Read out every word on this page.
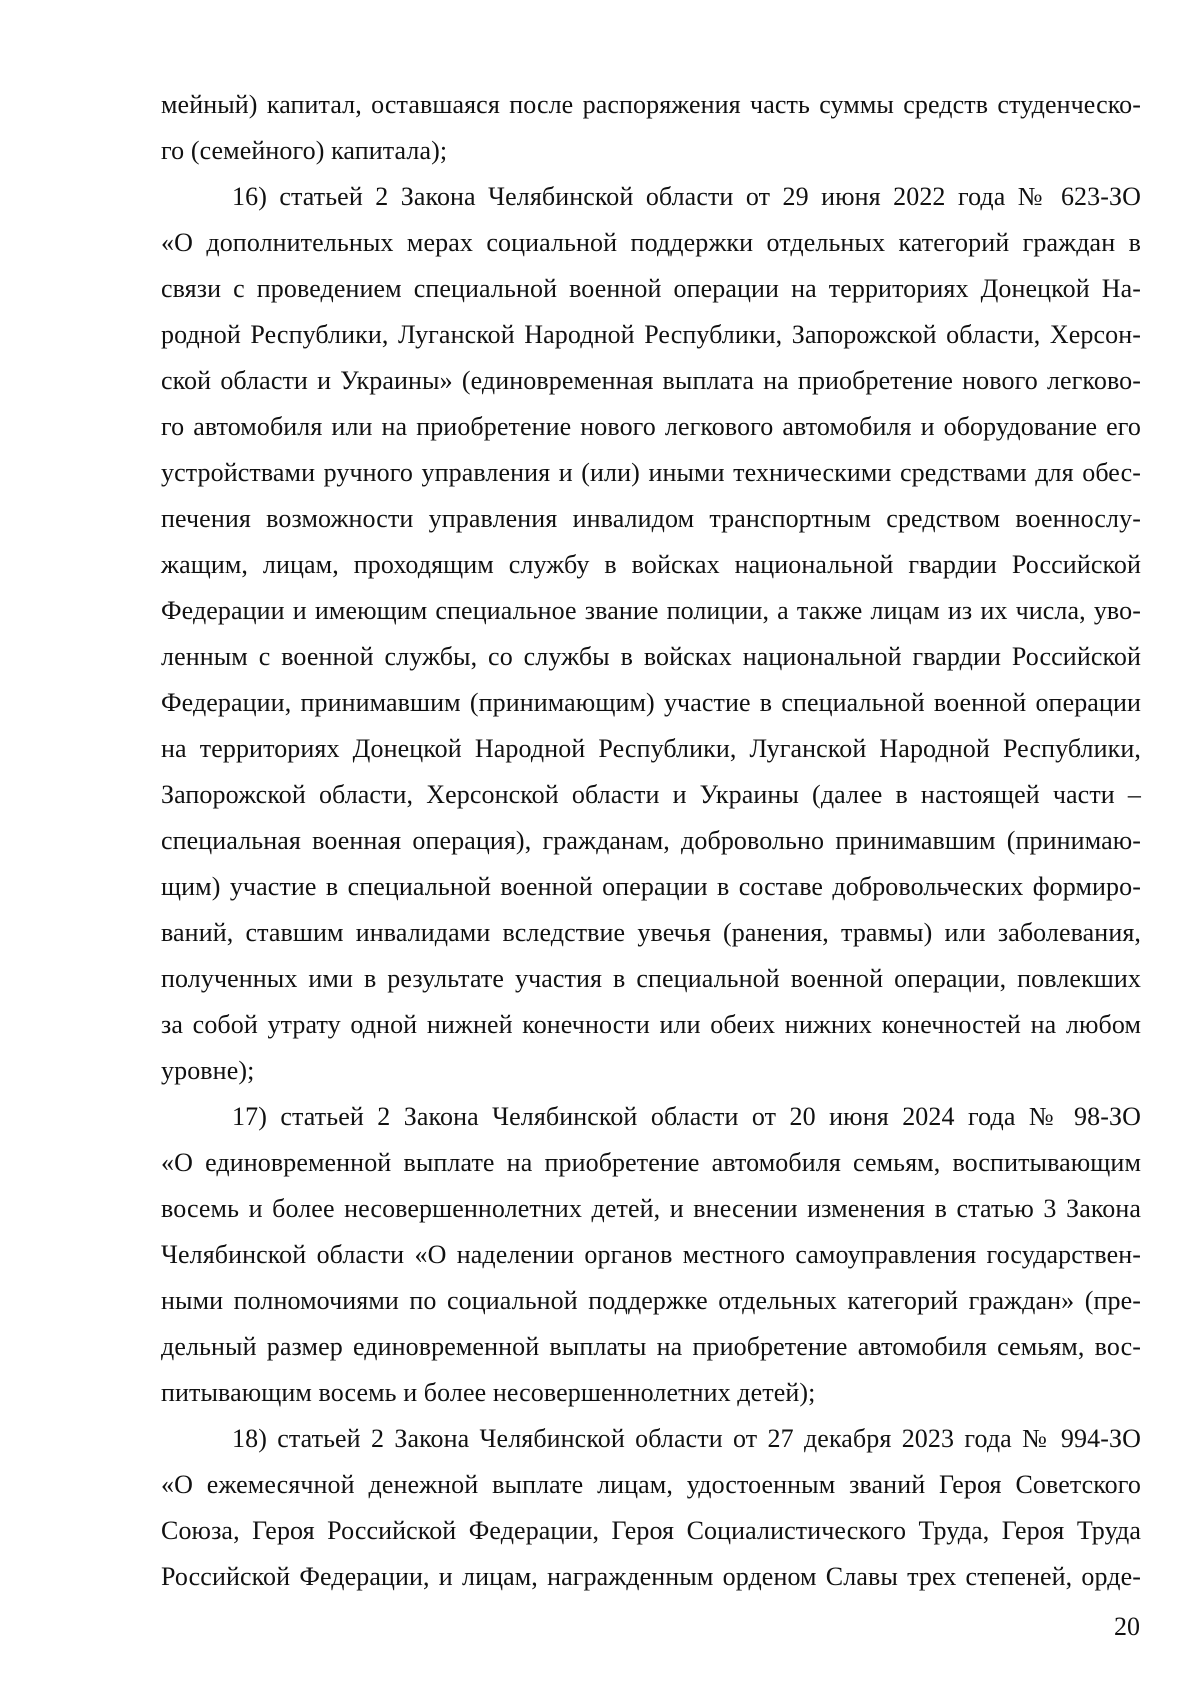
мейный) капитал, оставшаяся после распоряжения часть суммы средств студенческо-
го (семейного) капитала);
16) статьей 2 Закона Челябинской области от 29 июня 2022 года № 623-ЗО
«О дополнительных мерах социальной поддержки отдельных категорий граждан в
связи с проведением специальной военной операции на территориях Донецкой На-
родной Республики, Луганской Народной Республики, Запорожской области, Херсон-
ской области и Украины» (единовременная выплата на приобретение нового легково-
го автомобиля или на приобретение нового легкового автомобиля и оборудование его
устройствами ручного управления и (или) иными техническими средствами для обес-
печения возможности управления инвалидом транспортным средством военнослу-
жащим, лицам, проходящим службу в войсках национальной гвардии Российской
Федерации и имеющим специальное звание полиции, а также лицам из их числа, уво-
ленным с военной службы, со службы в войсках национальной гвардии Российской
Федерации, принимавшим (принимающим) участие в специальной военной операции
на территориях Донецкой Народной Республики, Луганской Народной Республики,
Запорожской области, Херсонской области и Украины (далее в настоящей части –
специальная военная операция), гражданам, добровольно принимавшим (принимаю-
щим) участие в специальной военной операции в составе добровольческих формиро-
ваний, ставшим инвалидами вследствие увечья (ранения, травмы) или заболевания,
полученных ими в результате участия в специальной военной операции, повлекших
за собой утрату одной нижней конечности или обеих нижних конечностей на любом
уровне);
17) статьей 2 Закона Челябинской области от 20 июня 2024 года № 98-ЗО
«О единовременной выплате на приобретение автомобиля семьям, воспитывающим
восемь и более несовершеннолетних детей, и внесении изменения в статью 3 Закона
Челябинской области «О наделении органов местного самоуправления государствен-
ными полномочиями по социальной поддержке отдельных категорий граждан» (пре-
дельный размер единовременной выплаты на приобретение автомобиля семьям, вос-
питывающим восемь и более несовершеннолетних детей);
18) статьей 2 Закона Челябинской области от 27 декабря 2023 года № 994-ЗО
«О ежемесячной денежной выплате лицам, удостоенным званий Героя Советского
Союза, Героя Российской Федерации, Героя Социалистического Труда, Героя Труда
Российской Федерации, и лицам, награжденным орденом Славы трех степеней, орде-
20
